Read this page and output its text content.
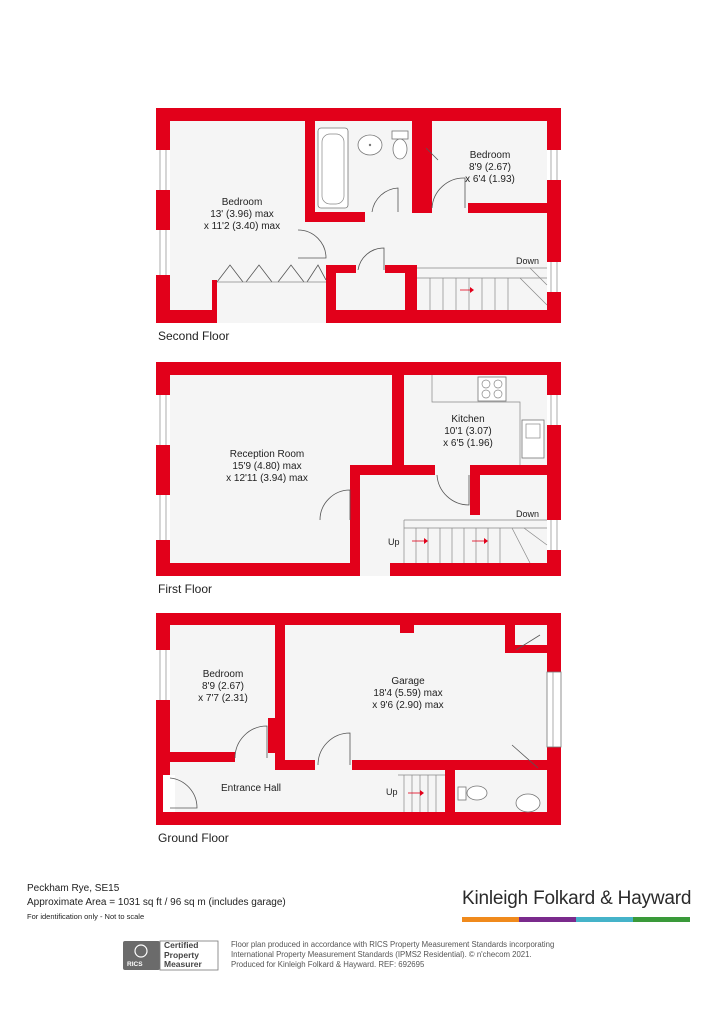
Bedroom
13' (3.96) max
x 11'2 (3.40) max
Bedroom
8'9 (2.67)
x 6'4 (1.93)
Down
Second Floor
Reception Room
15'9 (4.80) max
x 12'11 (3.94) max
Kitchen
10'1 (3.07)
x 6'5 (1.96)
Up
Down
First Floor
Bedroom
8'9 (2.67)
x 7'7 (2.31)
Garage
18'4 (5.59) max
x 9'6 (2.90) max
Entrance Hall	Up
Ground Floor
Peckham Rye, SE15
Approximate Area = 1031 sq ft / 96 sq m (includes garage)
For identification only - Not to scale
Kinleigh Folkard & Hayward
RICS
Certified
Property
Measurer
Floor plan produced in accordance with RICS Property Measurement Standards incorporating
International Property Measurement Standards (IPMS2 Residential). © n'checom 2021.
Produced for Kinleigh Folkard & Hayward. REF: 692695
